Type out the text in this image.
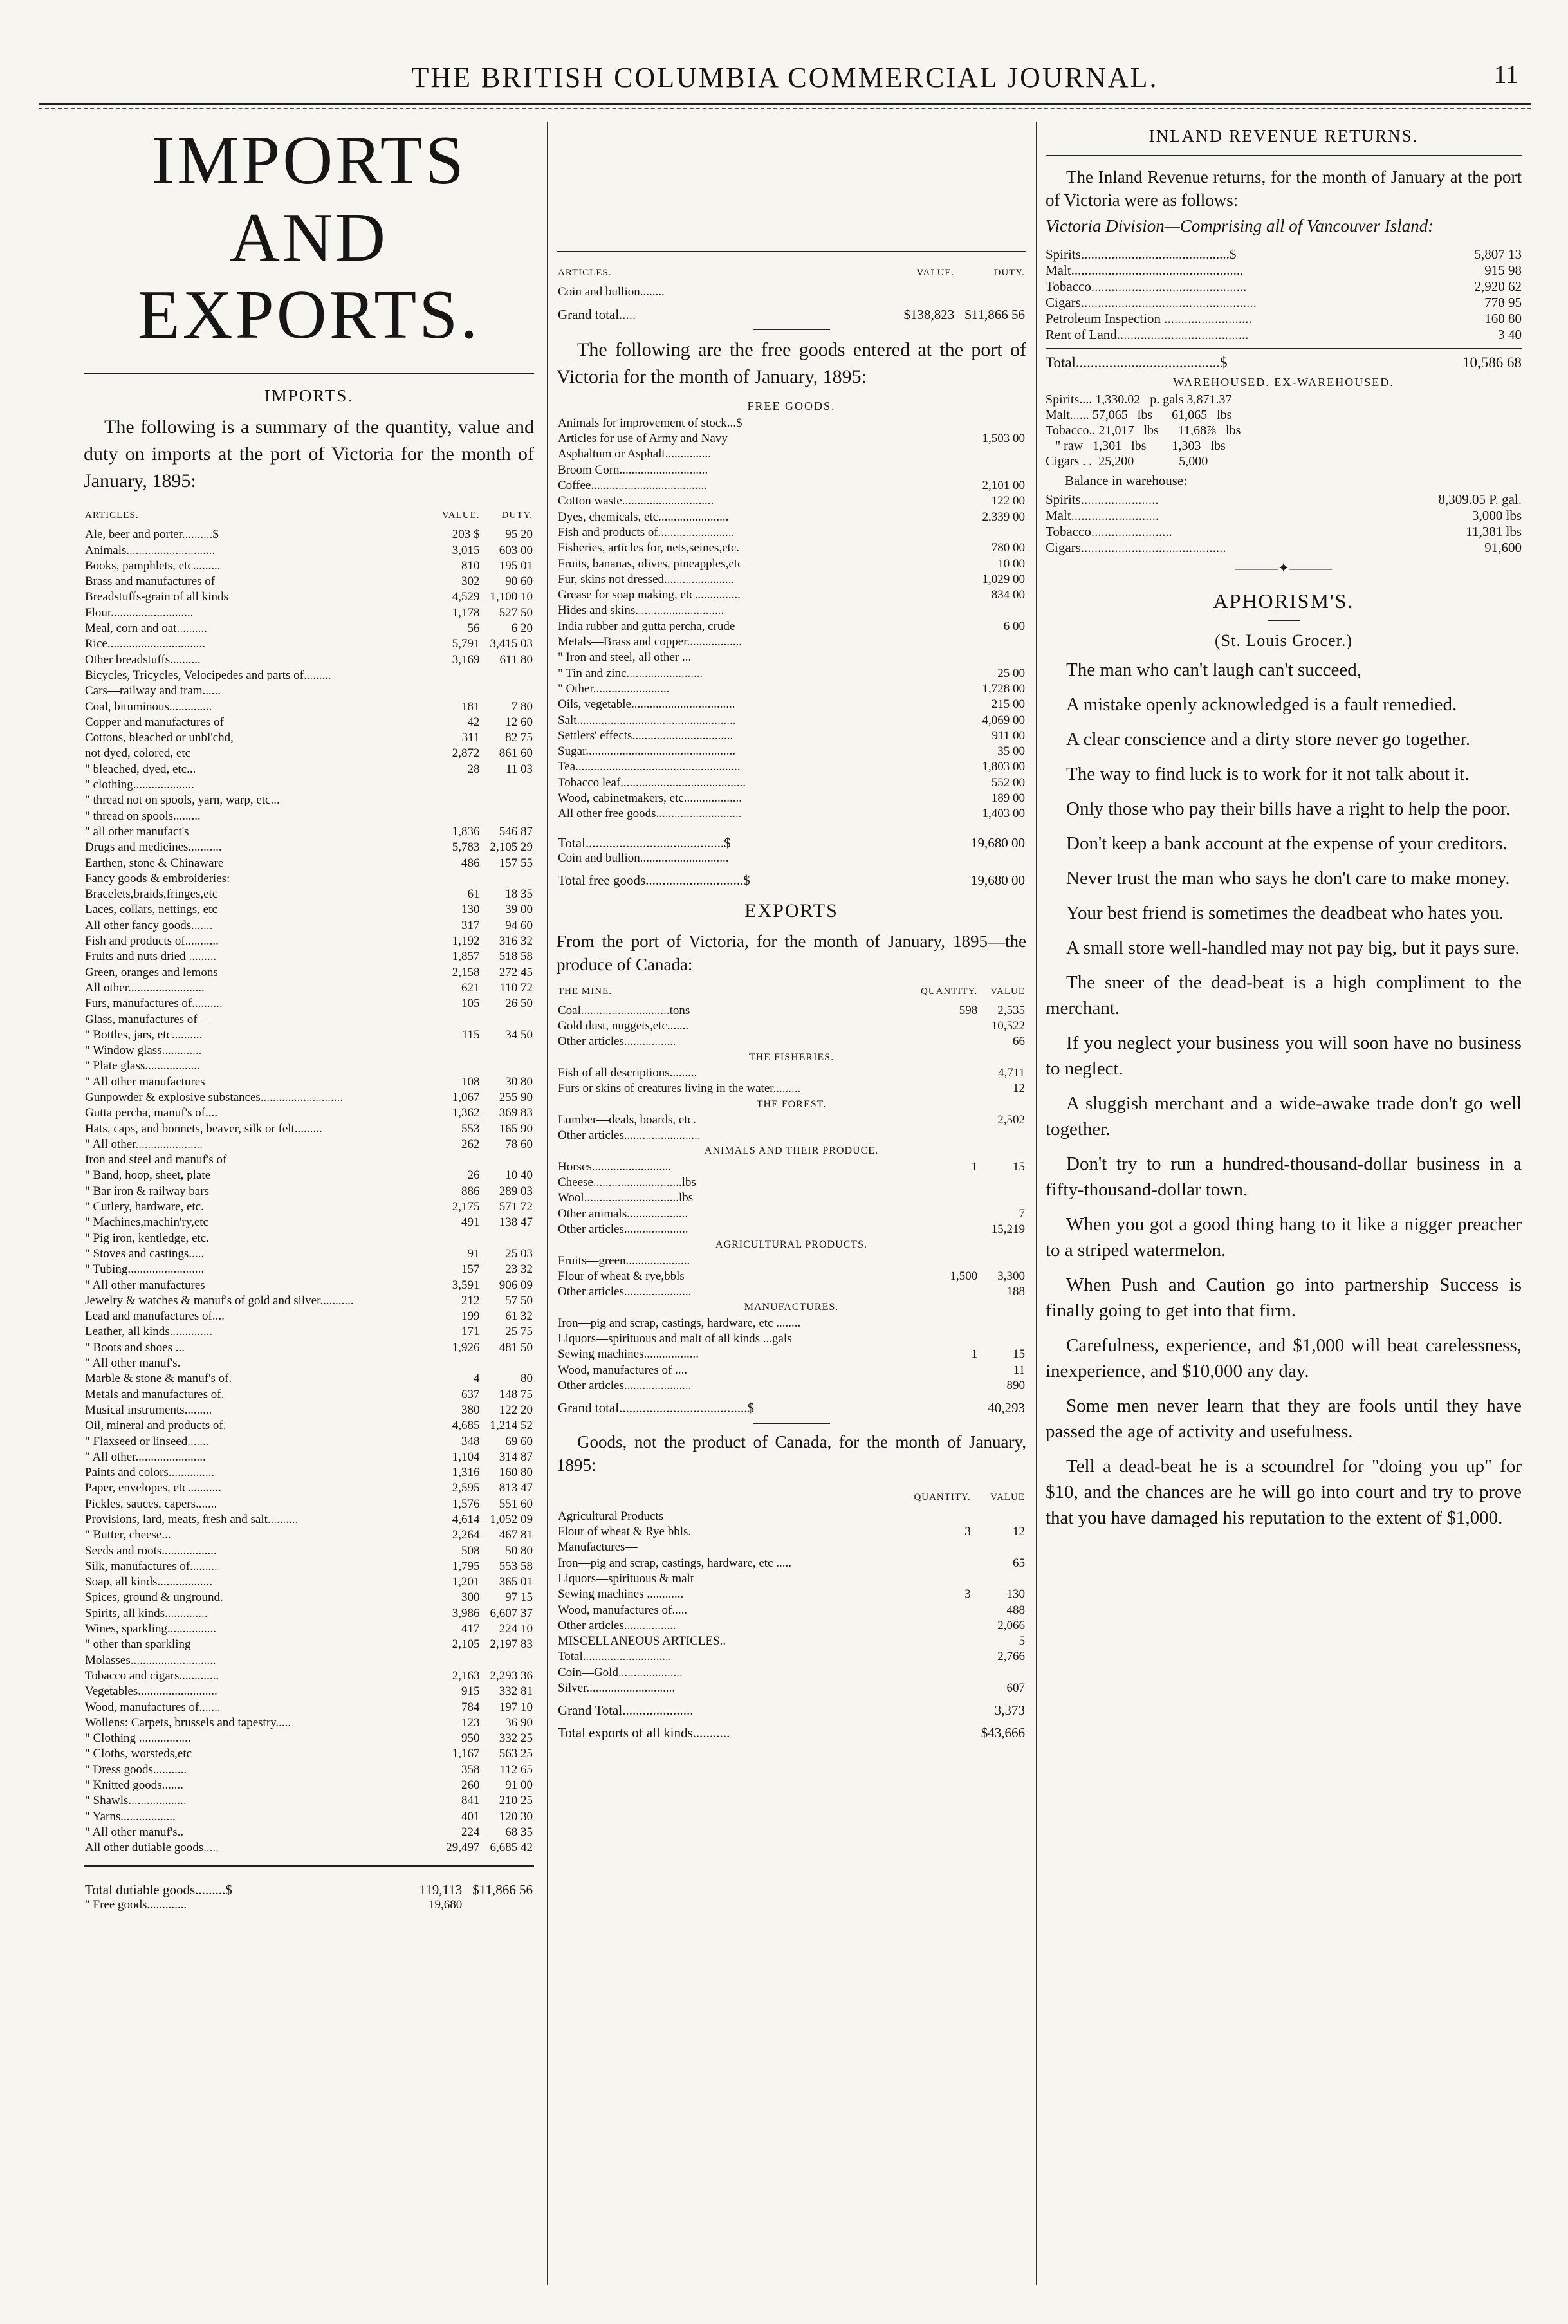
THE BRITISH COLUMBIA COMMERCIAL JOURNAL.	11
IMPORTS AND EXPORTS.
IMPORTS.
The following is a summary of the quantity, value and duty on imports at the port of Victoria for the month of January, 1895:
ARTICLES.	VALUE.	DUTY.
Ale, beer and porter..........$	203 $	95 20
Animals.............................	3,015	603 00
Books, pamphlets, etc.........	810	195 01
Brass and manufactures of	302	90 60
Breadstuffs-grain of all kinds	4,529	1,100 10
Flour...........................	1,178	527 50
Meal, corn and oat..........	56	6 20
Rice................................	5,791	3,415 03
Other breadstuffs..........	3,169	611 80
Bicycles, Tricycles, Velocipedes and parts of.........		
Cars—railway and tram......		
Coal, bituminous..............	181	7 80
Copper and manufactures of	42	12 60
Cottons, bleached or unbl'chd,	311	82 75
not dyed, colored, etc	2,872	861 60
" bleached, dyed, etc...	28	11 03
" clothing....................		
" thread not on spools, yarn, warp, etc...		
" thread on spools.........		
" all other manufact's	1,836	546 87
Drugs and medicines...........	5,783	2,105 29
Earthen, stone & Chinaware	486	157 55
Fancy goods & embroideries:		
Bracelets,braids,fringes,etc	61	18 35
Laces, collars, nettings, etc	130	39 00
All other fancy goods.......	317	94 60
Fish and products of...........	1,192	316 32
Fruits and nuts dried .........	1,857	518 58
Green, oranges and lemons	2,158	272 45
All other.........................	621	110 72
Furs, manufactures of..........	105	26 50
Glass, manufactures of—		
" Bottles, jars, etc..........	115	34 50
" Window glass.............		
" Plate glass..................		
" All other manufactures	108	30 80
Gunpowder & explosive substances...........................	1,067	255 90
Gutta percha, manuf's of....	1,362	369 83
Hats, caps, and bonnets, beaver, silk or felt.........	553	165 90
" All other......................	262	78 60
Iron and steel and manuf's of		
" Band, hoop, sheet, plate	26	10 40
" Bar iron & railway bars	886	289 03
" Cutlery, hardware, etc.	2,175	571 72
" Machines,machin'ry,etc	491	138 47
" Pig iron, kentledge, etc.		
" Stoves and castings.....	91	25 03
" Tubing.........................	157	23 32
" All other manufactures	3,591	906 09
Jewelry & watches & manuf's of gold and silver...........	212	57 50
Lead and manufactures of....	199	61 32
Leather, all kinds..............	171	25 75
" Boots and shoes ...	1,926	481 50
" All other manuf's.		
Marble & stone & manuf's of.	4	80
Metals and manufactures of.	637	148 75
Musical instruments.........	380	122 20
Oil, mineral and products of.	4,685	1,214 52
" Flaxseed or linseed.......	348	69 60
" All other.......................	1,104	314 87
Paints and colors...............	1,316	160 80
Paper, envelopes, etc...........	2,595	813 47
Pickles, sauces, capers.......	1,576	551 60
Provisions, lard, meats, fresh and salt..........	4,614	1,052 09
" Butter, cheese...	2,264	467 81
Seeds and roots..................	508	50 80
Silk, manufactures of.........	1,795	553 58
Soap, all kinds..................	1,201	365 01
Spices, ground & unground.	300	97 15
Spirits, all kinds..............	3,986	6,607 37
Wines, sparkling................	417	224 10
" other than sparkling	2,105	2,197 83
Molasses............................		
Tobacco and cigars.............	2,163	2,293 36
Vegetables..........................	915	332 81
Wood, manufactures of.......	784	197 10
Wollens: Carpets, brussels and tapestry.....	123	36 90
" Clothing .................	950	332 25
" Cloths, worsteds,etc	1,167	563 25
" Dress goods...........	358	112 65
" Knitted goods.......	260	91 00
" Shawls...................	841	210 25
" Yarns..................	401	120 30
" All other manuf's..	224	68 35
All other dutiable goods.....	29,497	6,685 42
Total dutiable goods.........$	119,113	$11,866 56
" Free goods.............	19,680	
ARTICLES.	VALUE.	DUTY.
Coin and bullion........		
Grand total.....	$138,823	$11,866 56
The following are the free goods entered at the port of Victoria for the month of January, 1895:
FREE GOODS.
Animals for improvement of stock...$	
Articles for use of Army and Navy	1,503 00
Asphaltum or Asphalt...............	
Broom Corn.............................	
Coffee......................................	2,101 00
Cotton waste..............................	122 00
Dyes, chemicals, etc.......................	2,339 00
Fish and products of.........................	
Fisheries, articles for, nets,seines,etc.	780 00
Fruits, bananas, olives, pineapples,etc	10 00
Fur, skins not dressed.......................	1,029 00
Grease for soap making, etc...............	834 00
Hides and skins.............................	
India rubber and gutta percha, crude	6 00
Metals—Brass and copper..................	
" Iron and steel, all other ...	
" Tin and zinc.........................	25 00
" Other.........................	1,728 00
Oils, vegetable..................................	215 00
Salt....................................................	4,069 00
Settlers' effects.................................	911 00
Sugar.................................................	35 00
Tea......................................................	1,803 00
Tobacco leaf.........................................	552 00
Wood, cabinetmakers, etc...................	189 00
All other free goods............................	1,403 00
Total.........................................$	19,680 00
Coin and bullion.............................	
Total free goods.............................$	19,680 00
EXPORTS
From the port of Victoria, for the month of January, 1895—the produce of Canada:
THE MINE.	QUANTITY.	VALUE
Coal.............................tons	598	2,535
Gold dust, nuggets,etc.......		10,522
Other articles.................		66
THE FISHERIES.		
Fish of all descriptions.........		4,711
Furs or skins of creatures living in the water.........		12
THE FOREST.		
Lumber—deals, boards, etc.		2,502
Other articles.........................		
ANIMALS AND THEIR PRODUCE.		
Horses..........................	1	15
Cheese.............................lbs		
Wool...............................lbs		
Other animals....................		7
Other articles.....................		15,219
AGRICULTURAL PRODUCTS.		
Fruits—green.....................		
Flour of wheat & rye,bbls	1,500	3,300
Other articles......................		188
MANUFACTURES.		
Iron—pig and scrap, castings, hardware, etc ........		
Liquors—spirituous and malt of all kinds ...gals		
Sewing machines..................	1	15
Wood, manufactures of ....		11
Other articles......................		890
Grand total......................................$		40,293
Goods, not the product of Canada, for the month of January, 1895:
	QUANTITY.	VALUE
Agricultural Products—		
Flour of wheat & Rye bbls.	3	12
Manufactures—		
Iron—pig and scrap, castings, hardware, etc .....		65
Liquors—spirituous & malt		
Sewing machines ............	3	130
Wood, manufactures of.....		488
Other articles.................		2,066
MISCELLANEOUS ARTICLES..		5
Total.............................		2,766
Coin—Gold.....................		
Silver.............................		607
Grand Total.....................		3,373
Total exports of all kinds...........		$43,666
INLAND REVENUE RETURNS.
The Inland Revenue returns, for the month of January at the port of Victoria were as follows:
Victoria Division—Comprising all of Vancouver Island:
Spirits............................................$	5,807 13
Malt...................................................	915 98
Tobacco..............................................	2,920 62
Cigars....................................................	778 95
Petroleum Inspection ..........................	160 80
Rent of Land.......................................	3 40
Total.......................................$	10,586 68
WAREHOUSED. EX-WAREHOUSED.
Spirits.... 1,330.02   p. gals 3,871.37
Malt...... 57,065   lbs      61,065   lbs
Tobacco.. 21,017   lbs      11,68⅞   lbs
" raw   1,301   lbs        1,303   lbs
Cigars . .  25,200              5,000
Balance in warehouse:
Spirits.......................	8,309.05 P. gal.
Malt..........................	3,000 lbs
Tobacco........................	11,381 lbs
Cigars...........................................	91,600
———✦———
APHORISM'S.
(St. Louis Grocer.)

The man who can't laugh can't succeed,

A mistake openly acknowledged is a fault remedied.

A clear conscience and a dirty store never go together.

The way to find luck is to work for it not talk about it.

Only those who pay their bills have a right to help the poor.

Don't keep a bank account at the expense of your creditors.

Never trust the man who says he don't care to make money.

Your best friend is sometimes the deadbeat who hates you.

A small store well-handled may not pay big, but it pays sure.

The sneer of the dead-beat is a high compliment to the merchant.

If you neglect your business you will soon have no business to neglect.

A sluggish merchant and a wide-awake trade don't go well together.

Don't try to run a hundred-thousand-dollar business in a fifty-thousand-dollar town.

When you got a good thing hang to it like a nigger preacher to a striped watermelon.

When Push and Caution go into partnership Success is finally going to get into that firm.

Carefulness, experience, and $1,000 will beat carelessness, inexperience, and $10,000 any day.

Some men never learn that they are fools until they have passed the age of activity and usefulness.

Tell a dead-beat he is a scoundrel for "doing you up" for $10, and the chances are he will go into court and try to prove that you have damaged his reputation to the extent of $1,000.
